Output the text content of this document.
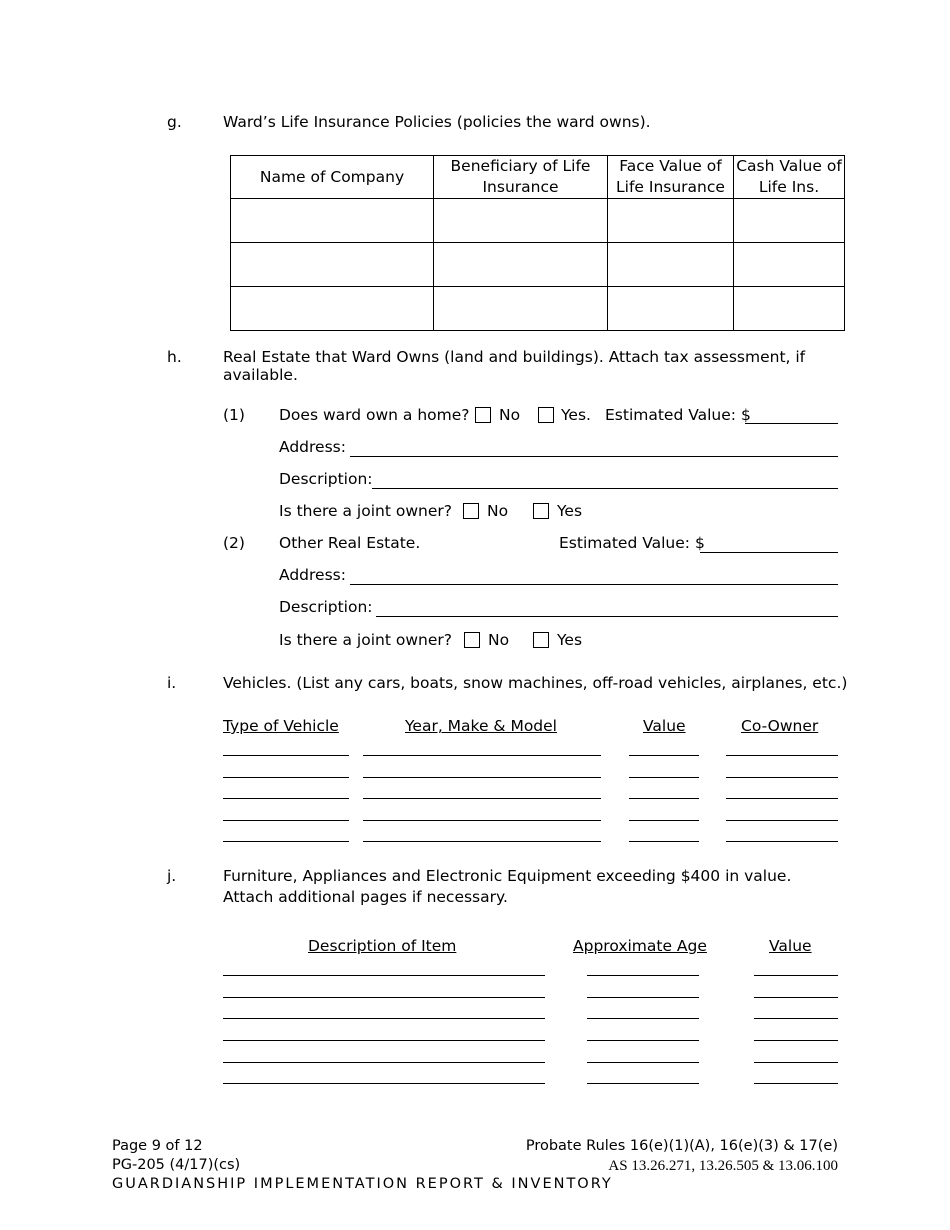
g.	Ward’s Life Insurance Policies (policies the ward owns).
Name of Company	Beneficiary of Life Insurance	Face Value of Life Insurance	Cash Value of Life Ins.

h.	Real Estate that Ward Owns (land and buildings). Attach tax assessment, if
available.
(1) Does ward own a home? No	Yes. Estimated Value: $
Address:
Description:
Is there a joint owner? No	Yes
(2) Other Real Estate.	Estimated Value: $
Address:
Description:
Is there a joint owner? No	Yes
i.	Vehicles. (List any cars, boats, snow machines, off-road vehicles, airplanes, etc.)
Type of Vehicle	Year, Make & Model	Value	Co-Owner
j.	Furniture, Appliances and Electronic Equipment exceeding $400 in value.
Attach additional pages if necessary.
Description of Item	Approximate Age	Value
Page 9 of 12
PG-205 (4/17)(cs)
GUARDIANSHIP IMPLEMENTATION REPORT & INVENTORY
Probate Rules 16(e)(1)(A), 16(e)(3) & 17(e)
AS 13.26.271, 13.26.505 & 13.06.100
